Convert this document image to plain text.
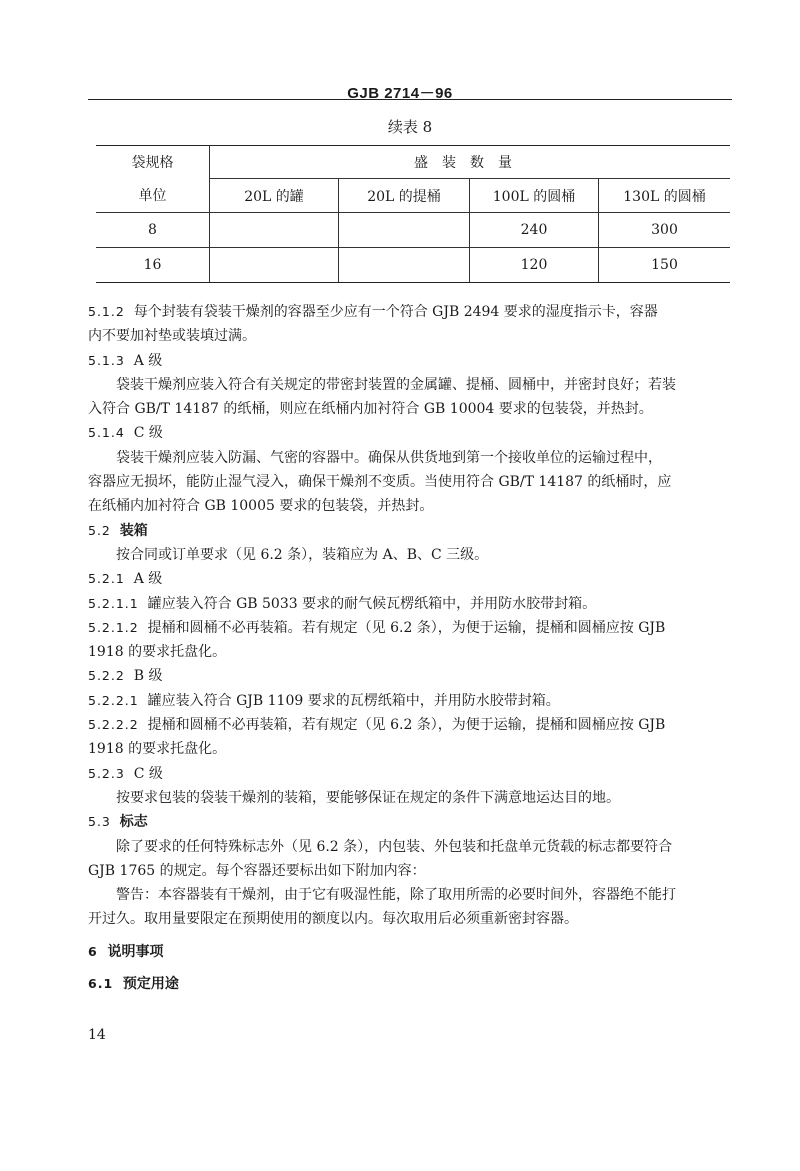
GJB 2714－96
续表 8
袋规格	盛装数量			
单位	20L 的罐	20L 的提桶	100L 的圆桶	130L 的圆桶
8			240	300
16			120	150
5.1.2 每个封装有袋装干燥剂的容器至少应有一个符合 GJB 2494 要求的湿度指示卡，容器
内不要加衬垫或装填过满。
5.1.3 A 级
袋装干燥剂应装入符合有关规定的带密封装置的金属罐、提桶、圆桶中，并密封良好；若装
入符合 GB/T 14187 的纸桶，则应在纸桶内加衬符合 GB 10004 要求的包装袋，并热封。
5.1.4 C 级
袋装干燥剂应装入防漏、气密的容器中。确保从供货地到第一个接收单位的运输过程中，
容器应无损坏，能防止湿气浸入，确保干燥剂不变质。当使用符合 GB/T 14187 的纸桶时，应
在纸桶内加衬符合 GB 10005 要求的包装袋，并热封。
5.2 装箱
按合同或订单要求（见 6.2 条），装箱应为 A、B、C 三级。
5.2.1 A 级
5.2.1.1 罐应装入符合 GB 5033 要求的耐气候瓦楞纸箱中，并用防水胶带封箱。
5.2.1.2 提桶和圆桶不必再装箱。若有规定（见 6.2 条），为便于运输，提桶和圆桶应按 GJB
1918 的要求托盘化。
5.2.2 B 级
5.2.2.1 罐应装入符合 GJB 1109 要求的瓦楞纸箱中，并用防水胶带封箱。
5.2.2.2 提桶和圆桶不必再装箱，若有规定（见 6.2 条），为便于运输，提桶和圆桶应按 GJB
1918 的要求托盘化。
5.2.3 C 级
按要求包装的袋装干燥剂的装箱，要能够保证在规定的条件下满意地运达目的地。
5.3 标志
除了要求的任何特殊标志外（见 6.2 条），内包装、外包装和托盘单元货载的标志都要符合
GJB 1765 的规定。每个容器还要标出如下附加内容：
警告：本容器装有干燥剂，由于它有吸湿性能，除了取用所需的必要时间外，容器绝不能打
开过久。取用量要限定在预期使用的额度以内。每次取用后必须重新密封容器。
6 说明事项
6.1 预定用途
14
